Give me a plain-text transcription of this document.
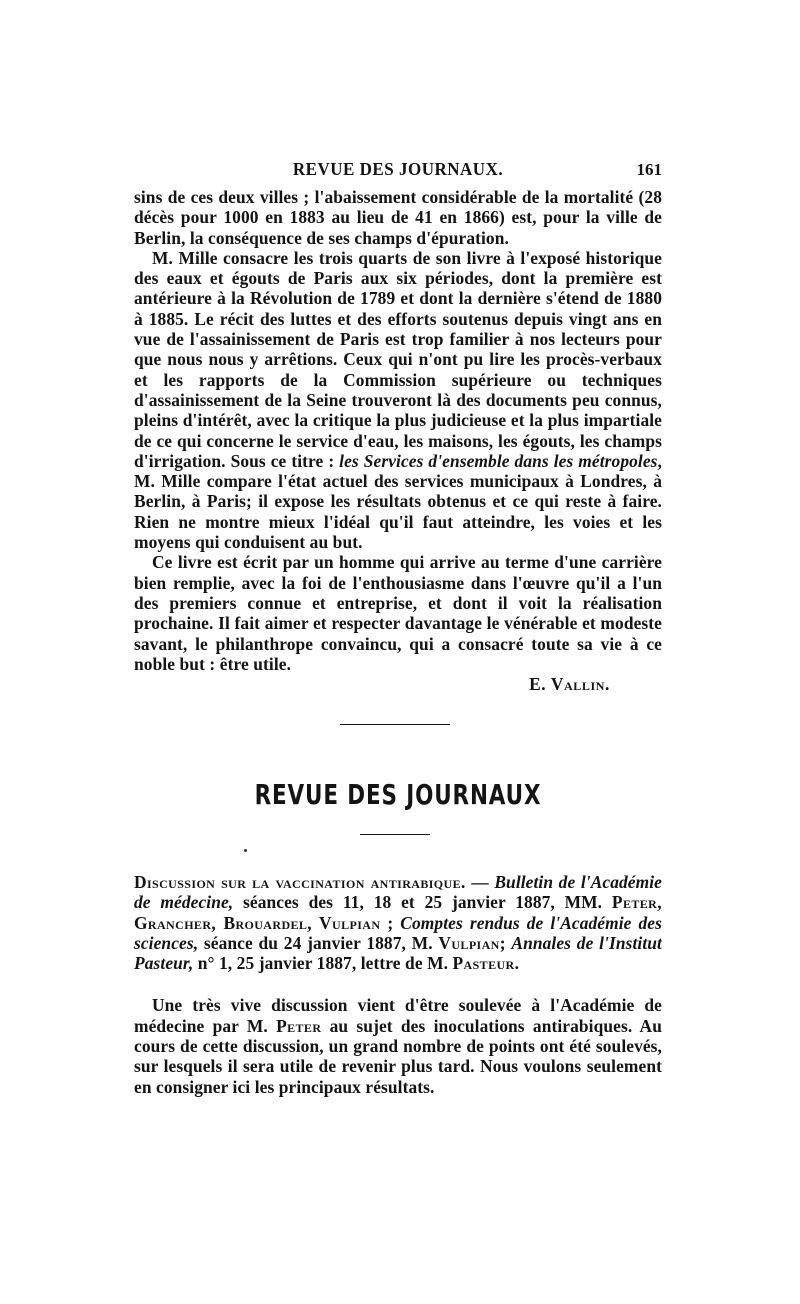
REVUE DES JOURNAUX.	161

sins de ces deux villes ; l'abaissement considérable de la mortalité (28 décès pour 1000 en 1883 au lieu de 41 en 1866) est, pour la ville de Berlin, la conséquence de ses champs d'épuration.

M. Mille consacre les trois quarts de son livre à l'exposé historique des eaux et égouts de Paris aux six périodes, dont la première est antérieure à la Révolution de 1789 et dont la dernière s'étend de 1880 à 1885. Le récit des luttes et des efforts soutenus depuis vingt ans en vue de l'assainissement de Paris est trop familier à nos lecteurs pour que nous nous y arrêtions. Ceux qui n'ont pu lire les procès-verbaux et les rapports de la Commission supérieure ou techniques d'assainissement de la Seine trouveront là des documents peu connus, pleins d'intérêt, avec la critique la plus judicieuse et la plus impartiale de ce qui concerne le service d'eau, les maisons, les égouts, les champs d'irrigation. Sous ce titre : les Services d'ensemble dans les métropoles, M. Mille compare l'état actuel des services municipaux à Londres, à Berlin, à Paris; il expose les résultats obtenus et ce qui reste à faire. Rien ne montre mieux l'idéal qu'il faut atteindre, les voies et les moyens qui conduisent au but.

Ce livre est écrit par un homme qui arrive au terme d'une carrière bien remplie, avec la foi de l'enthousiasme dans l'œuvre qu'il a l'un des premiers connue et entreprise, et dont il voit la réalisation prochaine. Il fait aimer et respecter davantage le vénérable et modeste savant, le philanthrope convaincu, qui a consacré toute sa vie à ce noble but : être utile.

E. Vallin.

REVUE DES JOURNAUX

Discussion sur la vaccination antirabique. — Bulletin de l'Académie de médecine, séances des 11, 18 et 25 janvier 1887, MM. Peter, Grancher, Brouardel, Vulpian ; Comptes rendus de l'Académie des sciences, séance du 24 janvier 1887, M. Vulpian; Annales de l'Institut Pasteur, n° 1, 25 janvier 1887, lettre de M. Pasteur.

Une très vive discussion vient d'être soulevée à l'Académie de médecine par M. Peter au sujet des inoculations antirabiques. Au cours de cette discussion, un grand nombre de points ont été soulevés, sur lesquels il sera utile de revenir plus tard. Nous voulons seulement en consigner ici les principaux résultats.
